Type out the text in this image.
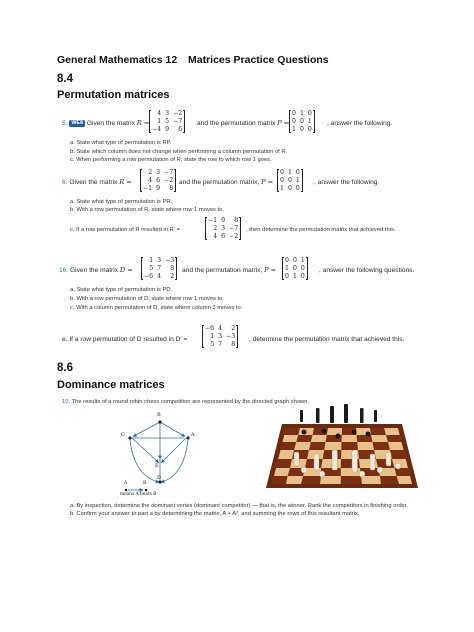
General Mathematics 12 Matrices Practice Questions
8.4
Permutation matrices
5. WE8 Given the matrix R =
4	3	−2
1	5	−7
−4	9	6
and the permutation matrix P =
0	1	0
0	0	1
1	0	0
, answer the following.
a. State what type of permutation is RP.
b. State which column does not change when performing a column permutation of R.
c. When performing a row permutation of R, state the row to which row 1 goes.
6. Given the matrix R =
2	3	−7
4	6	−2
−1	9	8
and the permutation matrix, P =
0	1	0
0	0	1
1	0	0
, answer the following.
a. State what type of permutation is PR.
b. With a row permutation of R, state where row 1 moves to.
c. If a row permutation of R resulted in R′ =
−1	9	8
2	3	−7
4	6	−2
, then determine the permutation matrix that achieved this.
16. Given the matrix D =
1	3	−3
5	7	8
−6	4	2
and the permutation matrix, P =
0	0	1
1	0	0
0	1	0
, answer the following questions.
a. State what type of permutation is PD.
b. With a row permutation of D, state where row 1 moves to.
c. With a column permutation of D, state where column 3 moves to.
e. If a row permutation of D resulted in D′ =
−6	4	2
1	3	−3
5	7	8
, determine the permutation matrix that achieved this.
8.6
Dominance matrices
10. The results of a round robin chess competition are represented by the directed graph shown.
B
C	A
D
E
A	B
means A beats B
a. By inspection, determine the dominant vertex (dominant competitor) — that is, the winner. Rank the competitors in finishing order.
b. Confirm your answer to part a by determining the matrix, A + A², and summing the rows of this resultant matrix.
